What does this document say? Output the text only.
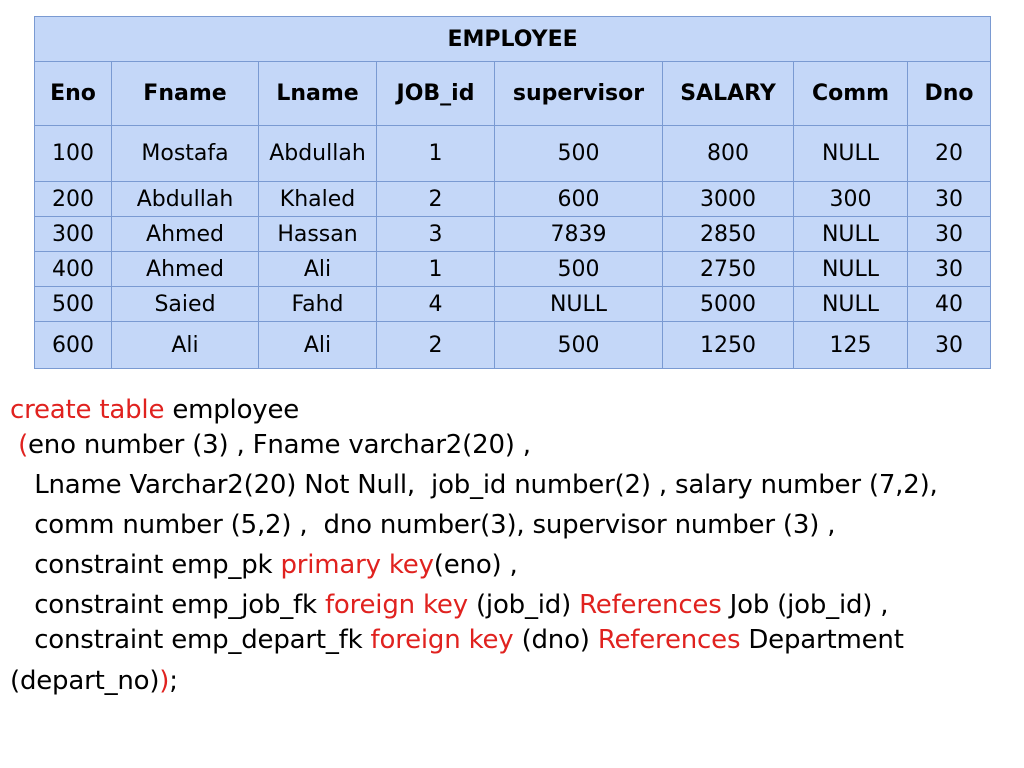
EMPLOYEE							
Eno	Fname	Lname	JOB_id	supervisor	SALARY	Comm	Dno
100	Mostafa	Abdullah	1	500	800	NULL	20
200	Abdullah	Khaled	2	600	3000	300	30
300	Ahmed	Hassan	3	7839	2850	NULL	30
400	Ahmed	Ali	1	500	2750	NULL	30
500	Saied	Fahd	4	NULL	5000	NULL	40
600	Ali	Ali	2	500	1250	125	30
create table employee
(eno number (3) , Fname varchar2(20) ,
Lname Varchar2(20) Not Null,  job_id number(2) , salary number (7,2),
comm number (5,2) ,  dno number(3), supervisor number (3) ,
constraint emp_pk primary key(eno) ,
constraint emp_job_fk foreign key (job_id) References Job (job_id) ,
constraint emp_depart_fk foreign key (dno) References Department
(depart_no));
